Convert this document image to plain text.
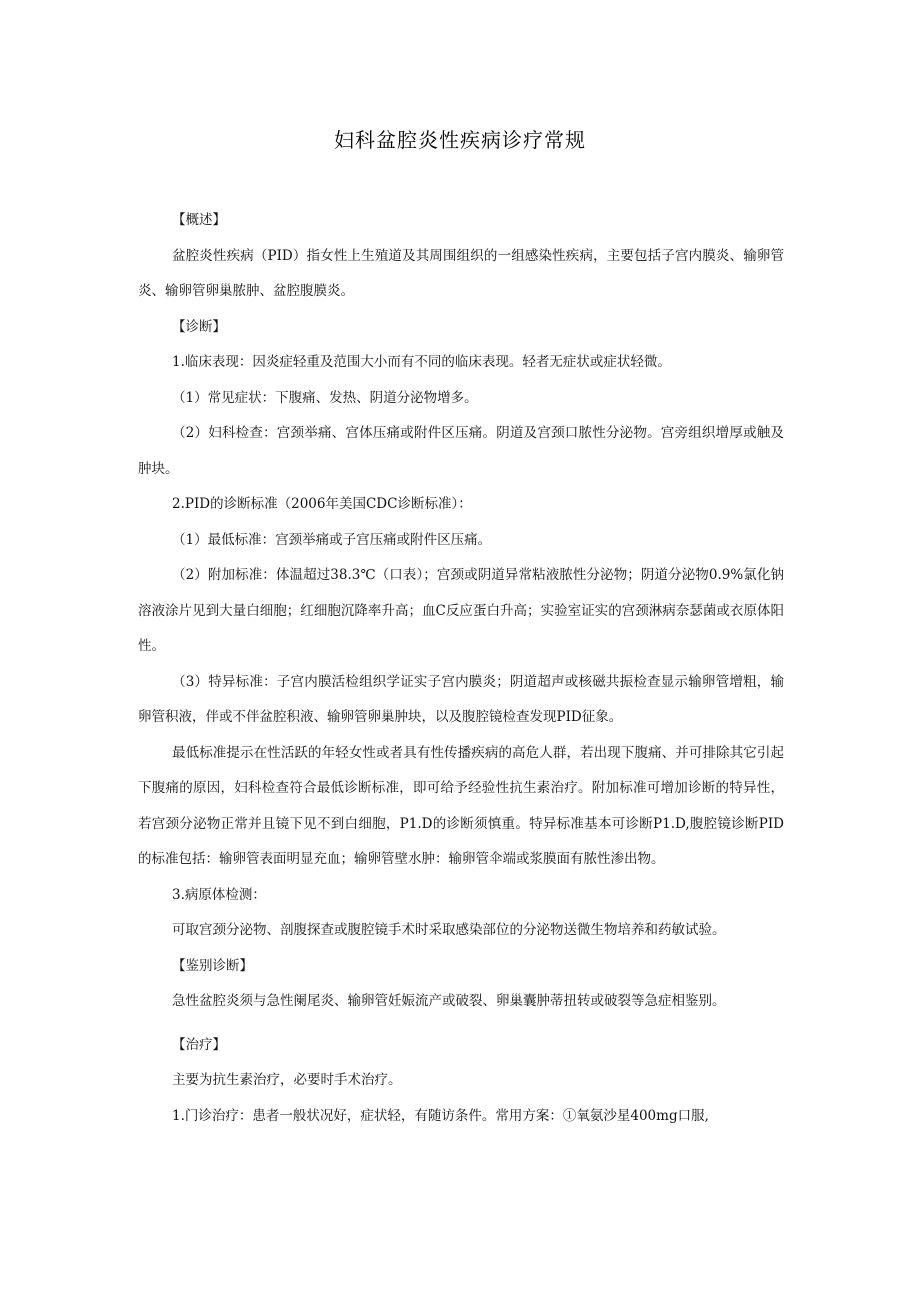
妇科盆腔炎性疾病诊疗常规

【概述】

盆腔炎性疾病（PID）指女性上生殖道及其周围组织的一组感染性疾病，主要包括子宫内膜炎、输卵管炎、输卵管卵巢脓肿、盆腔腹膜炎。

【诊断】

1.临床表现：因炎症轻重及范围大小而有不同的临床表现。轻者无症状或症状轻微。

（1）常见症状：下腹痛、发热、阴道分泌物增多。

（2）妇科检查：宫颈举痛、宫体压痛或附件区压痛。阴道及宫颈口脓性分泌物。宫旁组织增厚或触及肿块。

2.PID的诊断标准（2006年美国CDC诊断标准）：

（1）最低标准：宫颈举痛或子宫压痛或附件区压痛。

（2）附加标准：体温超过38.3℃（口表）；宫颈或阴道异常粘液脓性分泌物；阴道分泌物0.9%氯化钠溶液涂片见到大量白细胞；红细胞沉降率升高；血C反应蛋白升高；实验室证实的宫颈淋病奈瑟菌或衣原体阳性。

（3）特异标准：子宫内膜活检组织学证实子宫内膜炎；阴道超声或核磁共振检查显示输卵管增粗，输卵管积液，伴或不伴盆腔积液、输卵管卵巢肿块，以及腹腔镜检查发现PID征象。

最低标准提示在性活跃的年轻女性或者具有性传播疾病的高危人群，若出现下腹痛、并可排除其它引起下腹痛的原因，妇科检查符合最低诊断标准，即可给予经验性抗生素治疗。附加标准可增加诊断的特异性，若宫颈分泌物正常并且镜下见不到白细胞，P1.D的诊断须慎重。特异标准基本可诊断P1.D,腹腔镜诊断PID的标准包括：输卵管表面明显充血；输卵管壁水肿：输卵管伞端或浆膜面有脓性渗出物。

3.病原体检测：

可取宫颈分泌物、剖腹探查或腹腔镜手术时采取感染部位的分泌物送微生物培养和药敏试验。

【鉴别诊断】

急性盆腔炎须与急性阑尾炎、输卵管妊娠流产或破裂、卵巢囊肿蒂扭转或破裂等急症相鉴别。

【治疗】

主要为抗生素治疗，必要时手术治疗。

1.门诊治疗：患者一般状况好，症状轻，有随访条件。常用方案：①氧氨沙星400mg口服,
